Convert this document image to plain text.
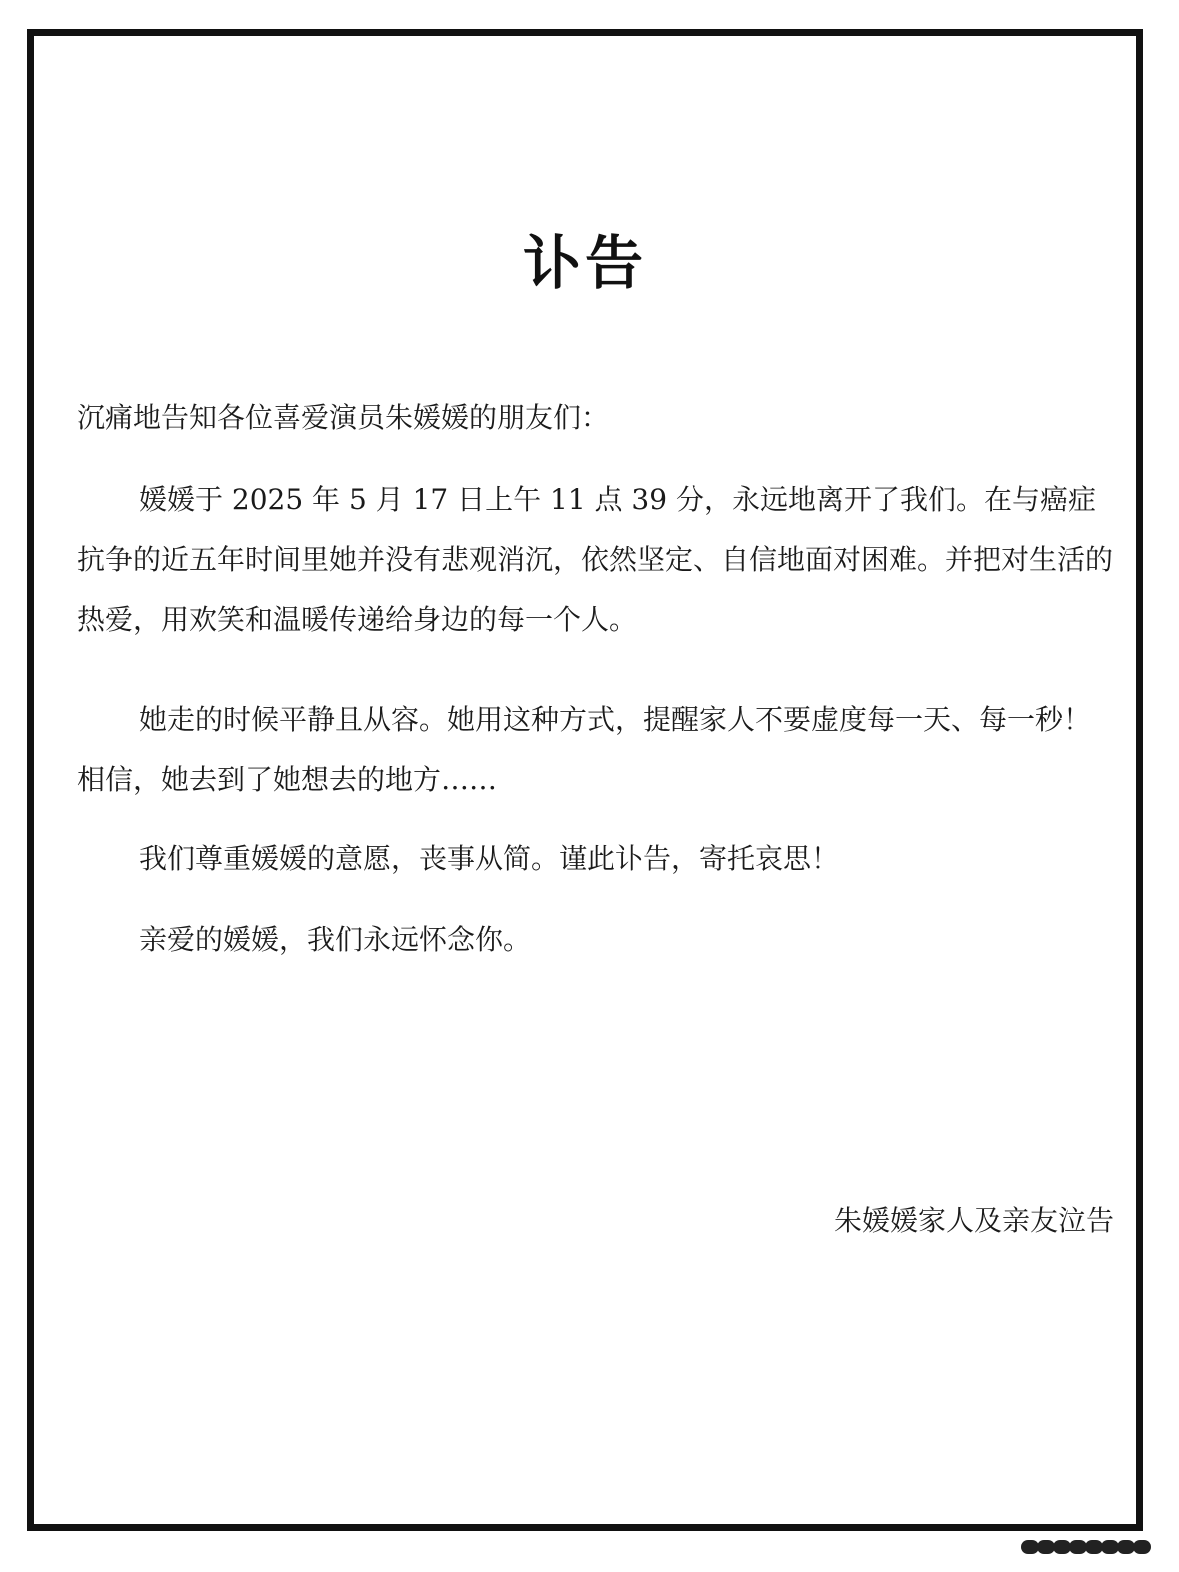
讣告
沉痛地告知各位喜爱演员朱媛媛的朋友们：

媛媛于 2025 年 5 月 17 日上午 11 点 39 分，永远地离开了我们。在与癌症抗争的近五年时间里她并没有悲观消沉，依然坚定、自信地面对困难。并把对生活的热爱，用欢笑和温暖传递给身边的每一个人。

她走的时候平静且从容。她用这种方式，提醒家人不要虚度每一天、每一秒！相信，她去到了她想去的地方……

我们尊重媛媛的意愿，丧事从简。谨此讣告，寄托哀思！

亲爱的媛媛，我们永远怀念你。

朱媛媛家人及亲友泣告
